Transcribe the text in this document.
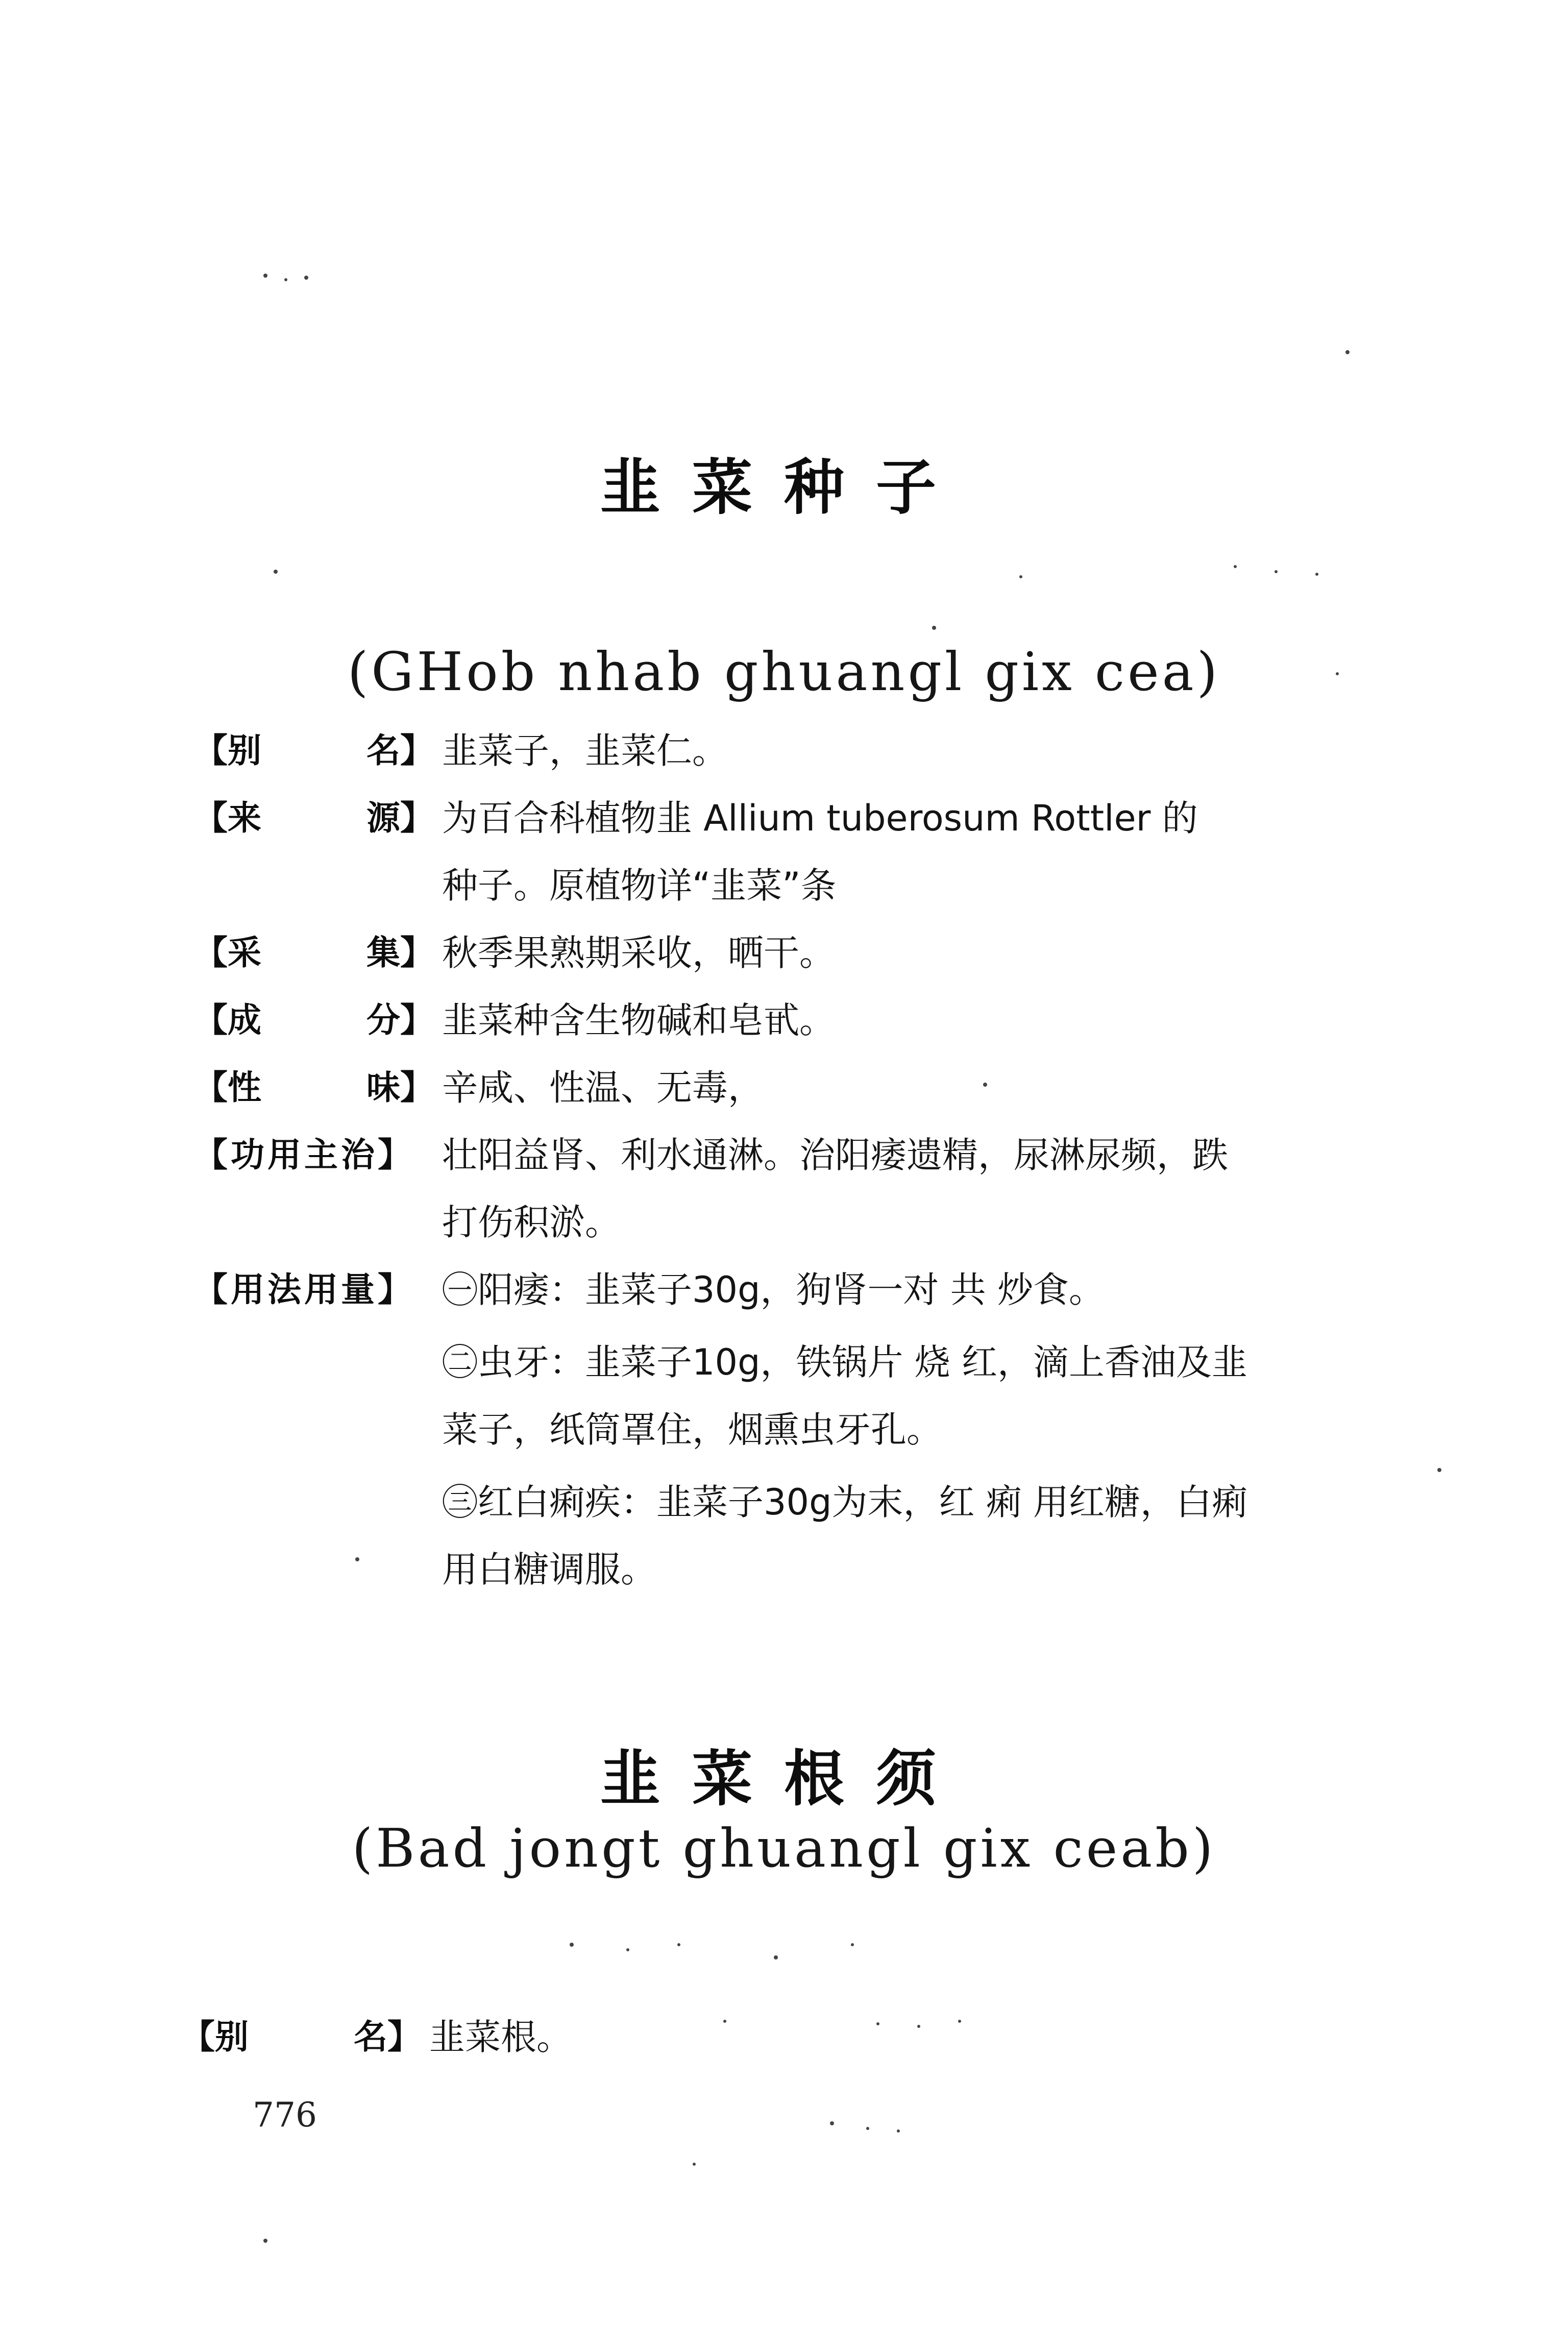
韭菜种子
(GHob nhab ghuangl gix cea)
【 别	名 】 韭菜子，韭菜仁。

【 来	源 】 为百合科植物韭 Allium tuberosum Rottler 的

种子。原植物详“韭菜”条

【 采	集 】 秋季果熟期采收，晒干。

【 成	分 】 韭菜种含生物碱和皂甙。

【 性	味 】 辛咸、性温、无毒，

【功用主治】 壮阳益肾、利水通淋。治阳痿遗精，尿淋尿频，跌

打伤积淤。

【用法用量】 ㊀阳痿：韭菜子30g，狗肾一对 共 炒食。

㊁虫牙：韭菜子10g，铁锅片 烧 红，滴上香油及韭

菜子，纸筒罩住，烟熏虫牙孔。

㊂红白痢疾：韭菜子30g为末，红 痢 用红糖，白痢

用白糖调服。

韭菜根须
(Bad jongt ghuangl gix ceab)
【 别	名 】 韭菜根。

776
